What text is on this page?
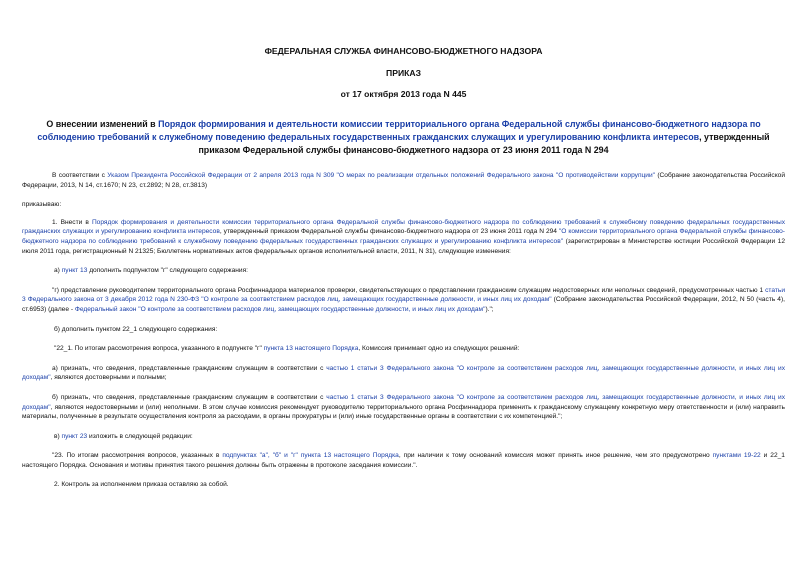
ФЕДЕРАЛЬНАЯ СЛУЖБА ФИНАНСОВО-БЮДЖЕТНОГО НАДЗОРА
ПРИКАЗ
от 17 октября 2013 года N 445
О внесении изменений в Порядок формирования и деятельности комиссии территориального органа Федеральной службы финансово-бюджетного надзора по соблюдению требований к служебному поведению федеральных государственных гражданских служащих и урегулированию конфликта интересов, утвержденный приказом Федеральной службы финансово-бюджетного надзора от 23 июня 2011 года N 294

В соответствии с Указом Президента Российской Федерации от 2 апреля 2013 года N 309 "О мерах по реализации отдельных положений Федерального закона "О противодействии коррупции" (Собрание законодательства Российской Федерации, 2013, N 14, ст.1670; N 23, ст.2892; N 28, ст.3813)

приказываю:

1. Внести в Порядок формирования и деятельности комиссии территориального органа Федеральной службы финансово-бюджетного надзора по соблюдению требований к служебному поведению федеральных государственных гражданских служащих и урегулированию конфликта интересов, утвержденный приказом Федеральной службы финансово-бюджетного надзора от 23 июня 2011 года N 294 "О комиссии территориального органа Федеральной службы финансово-бюджетного надзора по соблюдению требований к служебному поведению федеральных государственных гражданских служащих и урегулированию конфликта интересов" (зарегистрирован в Министерстве юстиции Российской Федерации 12 июля 2011 года, регистрационный N 21325; Бюллетень нормативных актов федеральных органов исполнительной власти, 2011, N 31), следующие изменения:

а) пункт 13 дополнить подпунктом "г" следующего содержания:

"г) представление руководителем территориального органа Росфиннадзора материалов проверки, свидетельствующих о представлении гражданским служащим недостоверных или неполных сведений, предусмотренных частью 1 статьи 3 Федерального закона от 3 декабря 2012 года N 230-ФЗ "О контроле за соответствием расходов лиц, замещающих государственные должности, и иных лиц их доходам" (Собрание законодательства Российской Федерации, 2012, N 50 (часть 4), ст.6953) (далее - Федеральный закон "О контроле за соответствием расходов лиц, замещающих государственные должности, и иных лиц их доходам").";

б) дополнить пунктом 22_1 следующего содержания:

"22_1. По итогам рассмотрения вопроса, указанного в подпункте "г" пункта 13 настоящего Порядка, Комиссия принимает одно из следующих решений:

а) признать, что сведения, представленные гражданским служащим в соответствии с частью 1 статьи 3 Федерального закона "О контроле за соответствием расходов лиц, замещающих государственные должности, и иных лиц их доходам", являются достоверными и полными;

б) признать, что сведения, представленные гражданским служащим в соответствии с частью 1 статьи 3 Федерального закона "О контроле за соответствием расходов лиц, замещающих государственные должности, и иных лиц их доходам", являются недостоверными и (или) неполными. В этом случае комиссия рекомендует руководителю территориального органа Росфиннадзора применить к гражданскому служащему конкретную меру ответственности и (или) направить материалы, полученные в результате осуществления контроля за расходами, в органы прокуратуры и (или) иные государственные органы в соответствии с их компетенцией.";

в) пункт 23 изложить в следующей редакции:

"23. По итогам рассмотрения вопросов, указанных в подпунктах "а", "б" и "г" пункта 13 настоящего Порядка, при наличии к тому оснований комиссия может принять иное решение, чем это предусмотрено пунктами 19-22 и 22_1 настоящего Порядка. Основания и мотивы принятия такого решения должны быть отражены в протоколе заседания комиссии.".

2. Контроль за исполнением приказа оставляю за собой.
